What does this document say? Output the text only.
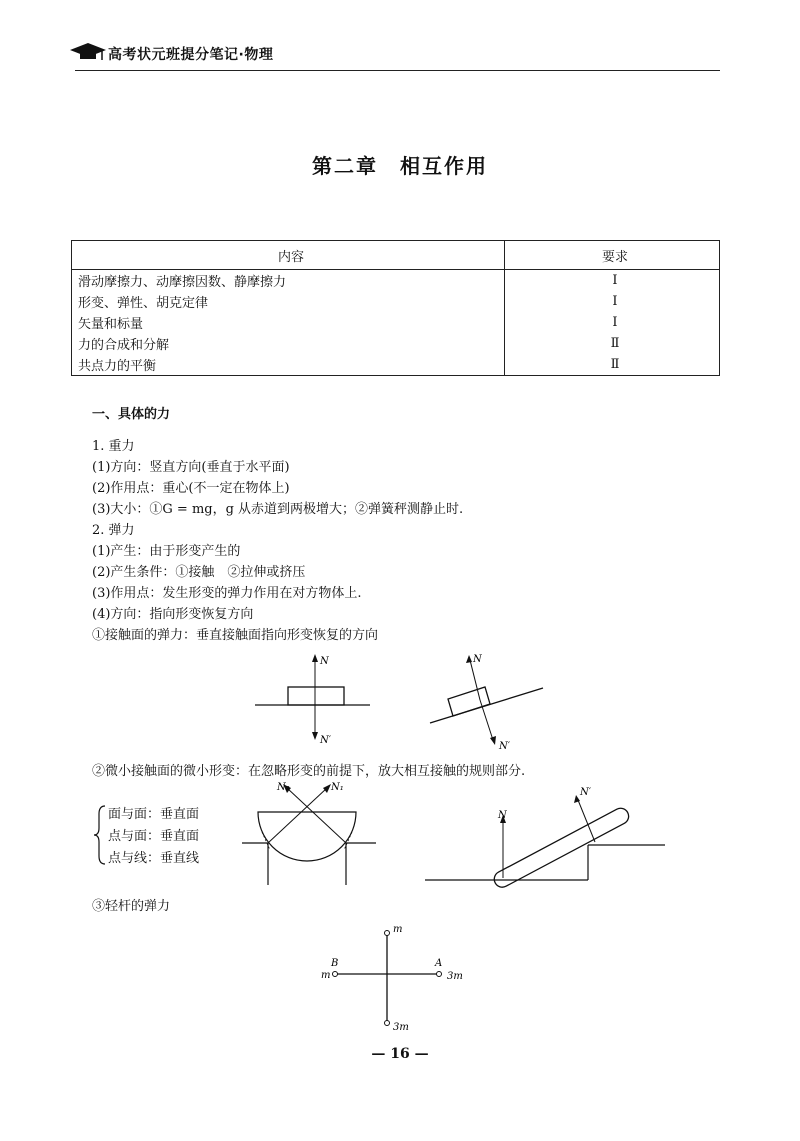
高考状元班提分笔记·物理
第二章　相互作用
内容	要求
滑动摩擦力、动摩擦因数、静摩擦力	Ⅰ
形变、弹性、胡克定律	Ⅰ
矢量和标量	Ⅰ
力的合成和分解	Ⅱ
共点力的平衡	Ⅱ
一、具体的力
1. 重力
(1)方向：竖直方向(垂直于水平面)
(2)作用点：重心(不一定在物体上)
(3)大小：①G = mg，g 从赤道到两极增大；②弹簧秤测静止时.
2. 弹力
(1)产生：由于形变产生的
(2)产生条件：①接触　②拉伸或挤压
(3)作用点：发生形变的弹力作用在对方物体上.
(4)方向：指向形变恢复方向
①接触面的弹力：垂直接触面指向形变恢复的方向
N
N′
N
N′
②微小接触面的微小形变：在忽略形变的前提下，放大相互接触的规则部分.
面与面：垂直面
点与面：垂直面
点与线：垂直线
N₂	N₁
N
N′
③轻杆的弹力
m
3m
B
m
A
3m
— 16 —
